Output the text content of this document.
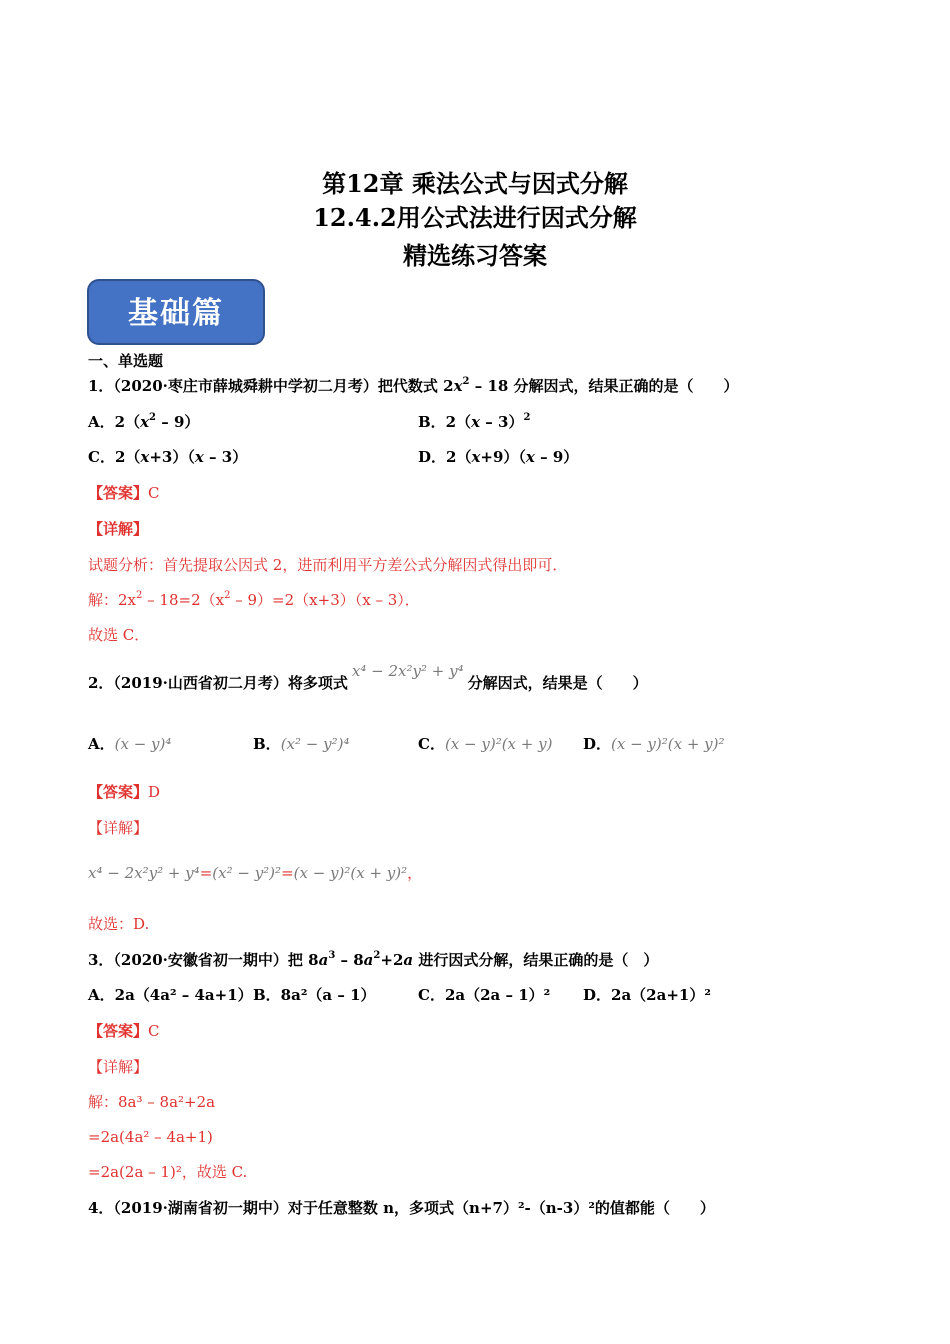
第12章 乘法公式与因式分解
12.4.2用公式法进行因式分解
精选练习答案
基础篇
一、单选题
1．（2020·枣庄市薛城舜耕中学初二月考）把代数式 $2x^2 - 18$ 分解因式，结果正确的是（　　）
A．$2(x^2 - 9)$	B．2（x – 3）$^2$
C．2（x+3）（x – 3）	D．2（x+9）（x – 9）
【答案】C
【详解】
试题分析：首先提取公因式 2，进而利用平方差公式分解因式得出即可．
解：$2x^2 - 18=2(x^2 - 9)=2(x+3)(x - 3)$．
故选 C．
2．（2019·山西省初二月考）将多项式x⁴ − 2x²y² + y⁴分解因式，结果是（　　）
A．(x − y)⁴	B．(x² − y²)⁴	C．(x − y)²(x + y) D．(x − y)²(x + y)²
【答案】D
【详解】
x⁴ − 2x²y² + y⁴=(x² − y²)²=(x − y)²(x + y)²，
故选：D.
3．（2020·安徽省初一期中）把 $8a^3 - 8a^2+2a$ 进行因式分解，结果正确的是（　）
A．2a（4a² – 4a+1） B．8a²（a – 1）	C．2a（2a – 1）² D．2a（2a+1）²
【答案】C
【详解】
解：8a³ – 8a²+2a
=2a(4a² – 4a+1)
=2a(2a – 1)²，故选 C.
4．（2019·湖南省初一期中）对于任意整数 n，多项式（n+7）²-（n-3）²的值都能（　　）
